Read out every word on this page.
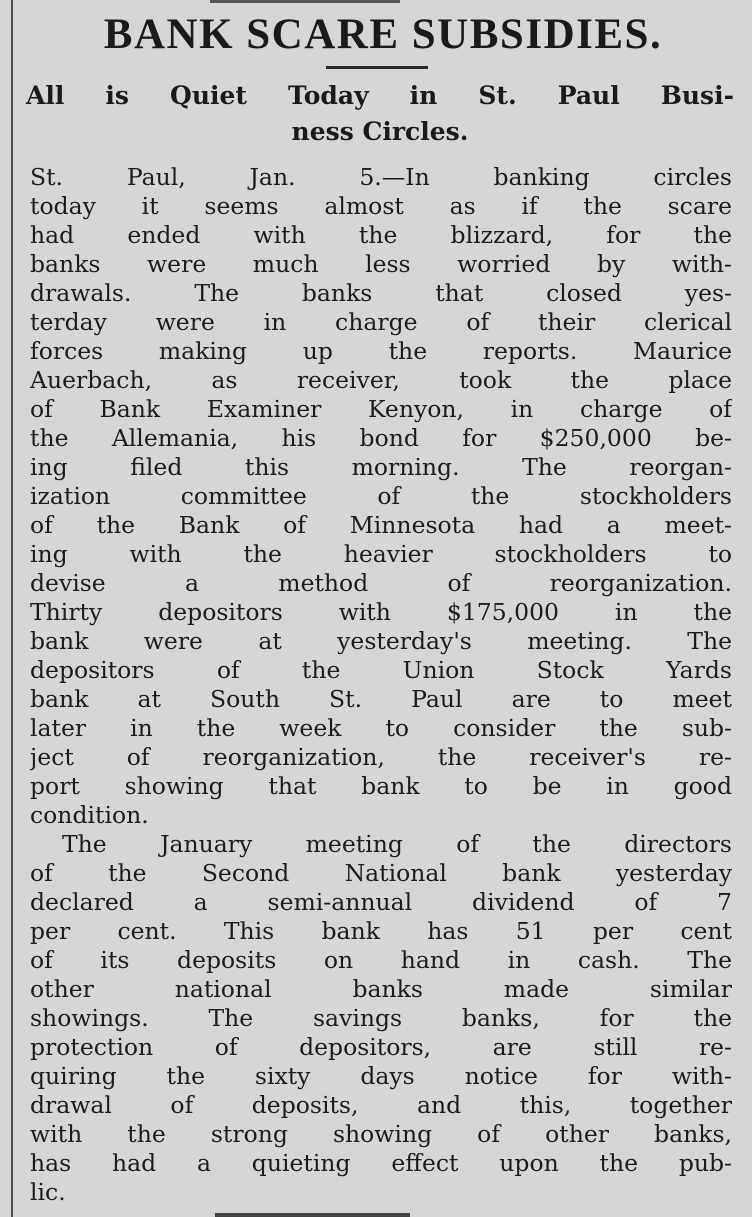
BANK SCARE SUBSIDIES.
All is Quiet Today in St. Paul Busi-
ness Circles.
St. Paul, Jan. 5.—In banking circles
today it seems almost as if the scare
had ended with the blizzard, for the
banks were much less worried by with-
drawals. The banks that closed yes-
terday were in charge of their clerical
forces making up the reports. Maurice
Auerbach, as receiver, took the place
of Bank Examiner Kenyon, in charge of
the Allemania, his bond for $250,000 be-
ing filed this morning. The reorgan-
ization committee of the stockholders
of the Bank of Minnesota had a meet-
ing with the heavier stockholders to
devise a method of reorganization.
Thirty depositors with $175,000 in the
bank were at yesterday's meeting. The
depositors of the Union Stock Yards
bank at South St. Paul are to meet
later in the week to consider the sub-
ject of reorganization, the receiver's re-
port showing that bank to be in good
condition.
The January meeting of the directors
of the Second National bank yesterday
declared a semi-annual dividend of 7
per cent. This bank has 51 per cent
of its deposits on hand in cash. The
other national banks made similar
showings. The savings banks, for the
protection of depositors, are still re-
quiring the sixty days notice for with-
drawal of deposits, and this, together
with the strong showing of other banks,
has had a quieting effect upon the pub-
lic.
